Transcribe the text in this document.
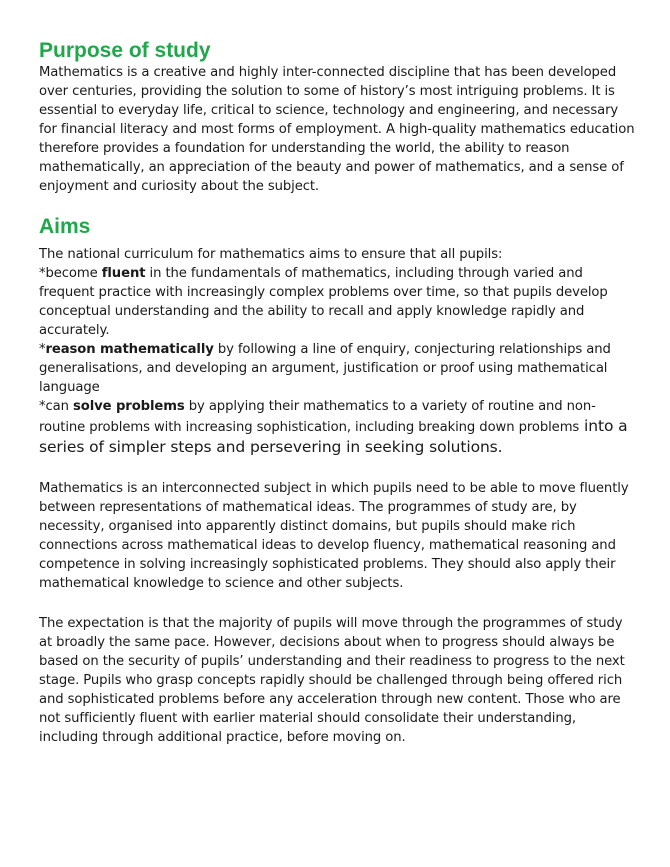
Purpose of study

Mathematics is a creative and highly inter-connected discipline that has been developed over centuries, providing the solution to some of history’s most intriguing problems. It is essential to everyday life, critical to science, technology and engineering, and necessary for financial literacy and most forms of employment. A high-quality mathematics education therefore provides a foundation for understanding the world, the ability to reason mathematically, an appreciation of the beauty and power of mathematics, and a sense of enjoyment and curiosity about the subject.

Aims

The national curriculum for mathematics aims to ensure that all pupils:

*become fluent in the fundamentals of mathematics, including through varied and frequent practice with increasingly complex problems over time, so that pupils develop conceptual understanding and the ability to recall and apply knowledge rapidly and accurately.

*reason mathematically by following a line of enquiry, conjecturing relationships and generalisations, and developing an argument, justification or proof using mathematical language

*can solve problems by applying their mathematics to a variety of routine and non-routine problems with increasing sophistication, including breaking down problems into a series of simpler steps and persevering in seeking solutions.

Mathematics is an interconnected subject in which pupils need to be able to move fluently between representations of mathematical ideas. The programmes of study are, by necessity, organised into apparently distinct domains, but pupils should make rich connections across mathematical ideas to develop fluency, mathematical reasoning and competence in solving increasingly sophisticated problems. They should also apply their mathematical knowledge to science and other subjects.

The expectation is that the majority of pupils will move through the programmes of study at broadly the same pace. However, decisions about when to progress should always be based on the security of pupils’ understanding and their readiness to progress to the next stage. Pupils who grasp concepts rapidly should be challenged through being offered rich and sophisticated problems before any acceleration through new content. Those who are not sufficiently fluent with earlier material should consolidate their understanding, including through additional practice, before moving on.
